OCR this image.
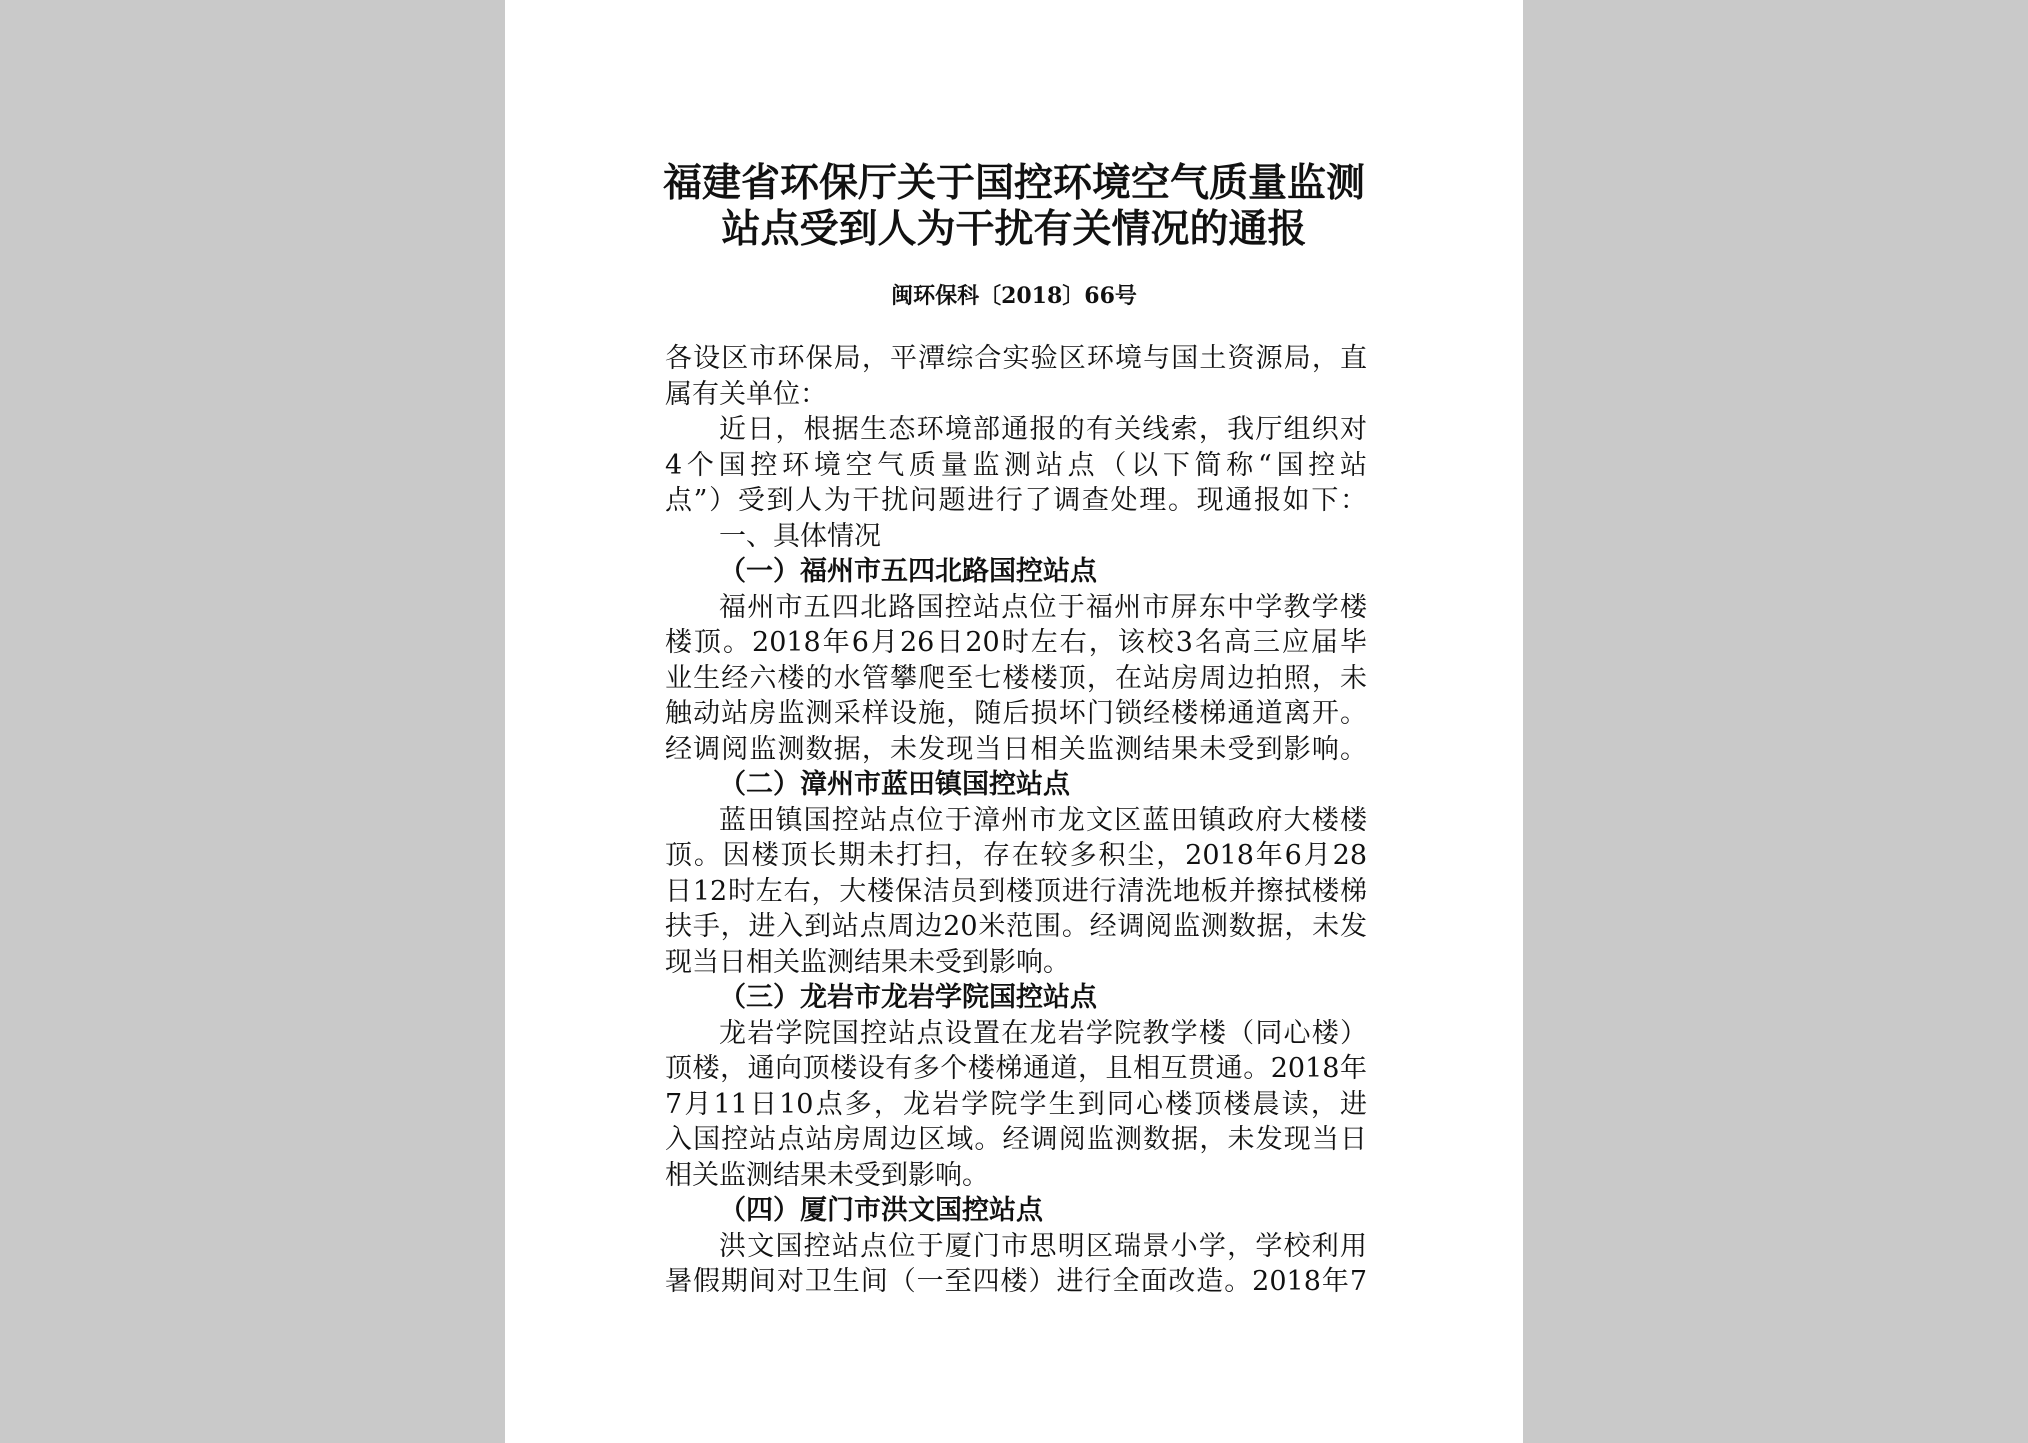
福建省环保厅关于国控环境空气质量监测
站点受到人为干扰有关情况的通报
闽环保科〔2018〕66号
各设区市环保局，平潭综合实验区环境与国土资源局，直
属有关单位：
近日，根据生态环境部通报的有关线索，我厅组织对
4个国控环境空气质量监测站点（以下简称“国控站
点”）受到人为干扰问题进行了调查处理。现通报如下：
一、具体情况
（一）福州市五四北路国控站点
福州市五四北路国控站点位于福州市屏东中学教学楼
楼顶。2018年6月26日20时左右，该校3名高三应届毕
业生经六楼的水管攀爬至七楼楼顶，在站房周边拍照，未
触动站房监测采样设施，随后损坏门锁经楼梯通道离开。
经调阅监测数据，未发现当日相关监测结果未受到影响。
（二）漳州市蓝田镇国控站点
蓝田镇国控站点位于漳州市龙文区蓝田镇政府大楼楼
顶。因楼顶长期未打扫，存在较多积尘，2018年6月28
日12时左右，大楼保洁员到楼顶进行清洗地板并擦拭楼梯
扶手，进入到站点周边20米范围。经调阅监测数据，未发
现当日相关监测结果未受到影响。
（三）龙岩市龙岩学院国控站点
龙岩学院国控站点设置在龙岩学院教学楼（同心楼）
顶楼，通向顶楼设有多个楼梯通道，且相互贯通。2018年
7月11日10点多，龙岩学院学生到同心楼顶楼晨读，进
入国控站点站房周边区域。经调阅监测数据，未发现当日
相关监测结果未受到影响。
（四）厦门市洪文国控站点
洪文国控站点位于厦门市思明区瑞景小学，学校利用
暑假期间对卫生间（一至四楼）进行全面改造。2018年7
